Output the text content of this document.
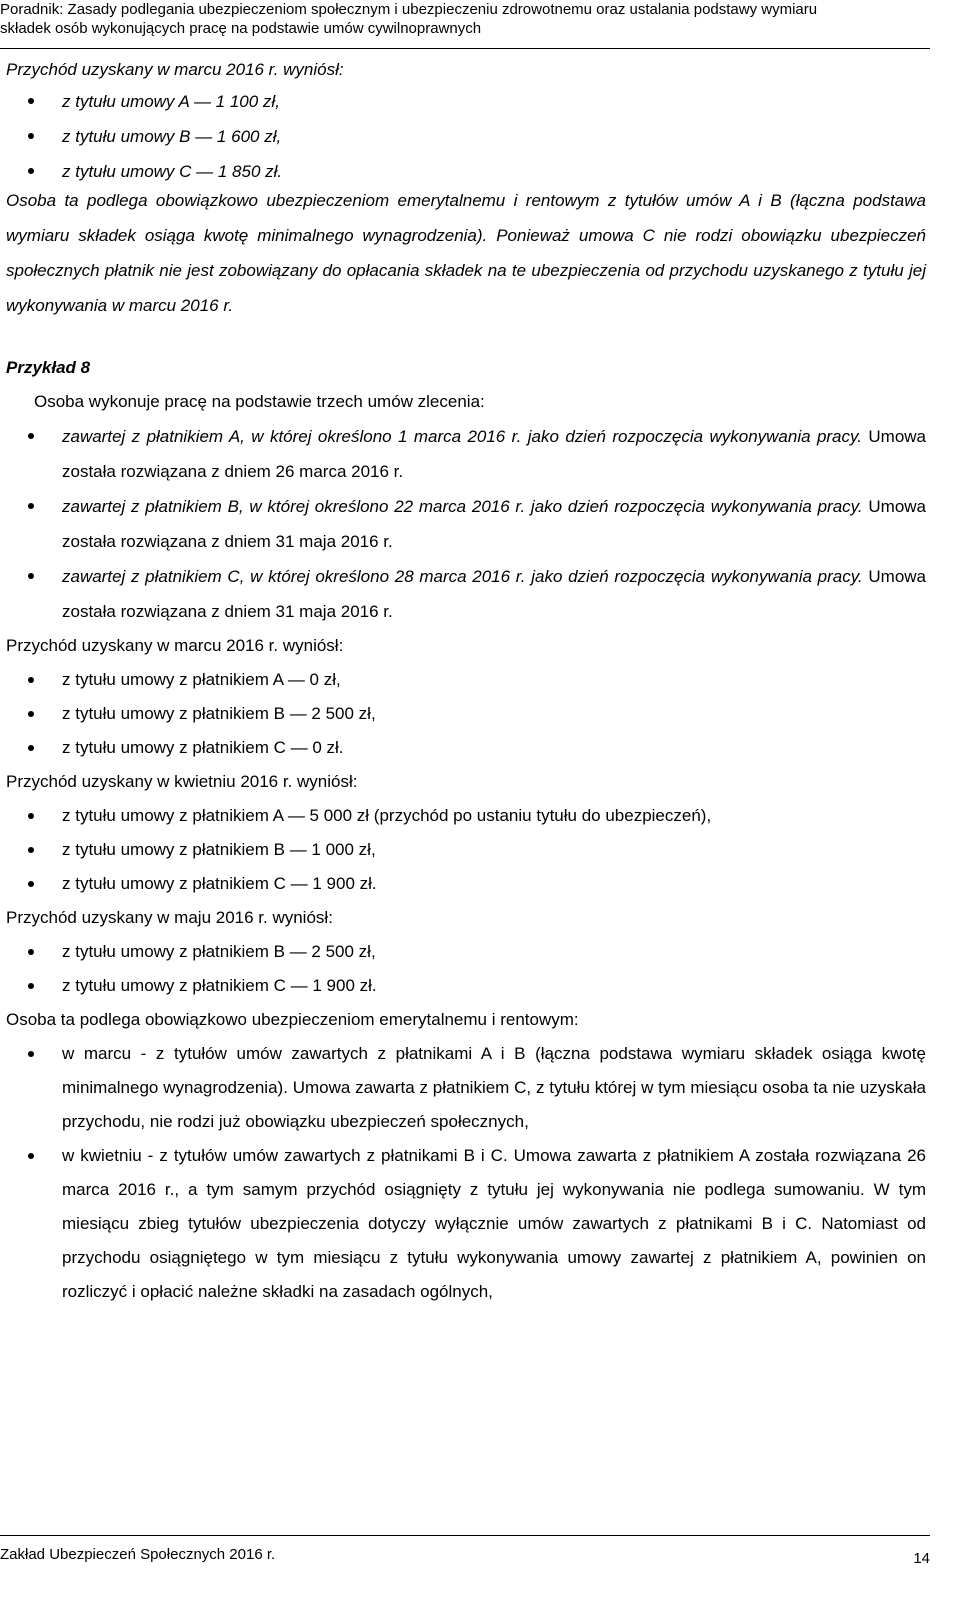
Poradnik: Zasady podlegania ubezpieczeniom społecznym i ubezpieczeniu zdrowotnemu oraz ustalania podstawy wymiaru
składek osób wykonujących pracę na podstawie umów cywilnoprawnych

Przychód uzyskany w marcu 2016 r. wyniósł:

z tytułu umowy A — 1 100 zł,
z tytułu umowy B — 1 600 zł,
z tytułu umowy C — 1 850 zł.

Osoba ta podlega obowiązkowo ubezpieczeniom emerytalnemu i rentowym z tytułów umów A i B (łączna podstawa wymiaru składek osiąga kwotę minimalnego wynagrodzenia). Ponieważ umowa C nie rodzi obowiązku ubezpieczeń społecznych płatnik nie jest zobowiązany do opłacania składek na te ubezpieczenia od przychodu uzyskanego z tytułu jej wykonywania w marcu 2016 r.

Przykład 8

Osoba wykonuje pracę na podstawie trzech umów zlecenia:

zawartej z płatnikiem A, w której określono 1 marca 2016 r. jako dzień rozpoczęcia wykonywania pracy. Umowa została rozwiązana z dniem 26 marca 2016 r.
zawartej z płatnikiem B, w której określono 22 marca 2016 r. jako dzień rozpoczęcia wykonywania pracy. Umowa została rozwiązana z dniem 31 maja 2016 r.
zawartej z płatnikiem C, w której określono 28 marca 2016 r. jako dzień rozpoczęcia wykonywania pracy. Umowa została rozwiązana z dniem 31 maja 2016 r.

Przychód uzyskany w marcu 2016 r. wyniósł:

z tytułu umowy z płatnikiem A — 0 zł,
z tytułu umowy z płatnikiem B — 2 500 zł,
z tytułu umowy z płatnikiem C — 0 zł.

Przychód uzyskany w kwietniu 2016 r. wyniósł:

z tytułu umowy z płatnikiem A — 5 000 zł (przychód po ustaniu tytułu do ubezpieczeń),
z tytułu umowy z płatnikiem B — 1 000 zł,
z tytułu umowy z płatnikiem C — 1 900 zł.

Przychód uzyskany w maju 2016 r. wyniósł:

z tytułu umowy z płatnikiem B — 2 500 zł,
z tytułu umowy z płatnikiem C — 1 900 zł.

Osoba ta podlega obowiązkowo ubezpieczeniom emerytalnemu i rentowym:

w marcu - z tytułów umów zawartych z płatnikami A i B (łączna podstawa wymiaru składek osiąga kwotę minimalnego wynagrodzenia). Umowa zawarta z płatnikiem C, z tytułu której w tym miesiącu osoba ta nie uzyskała przychodu, nie rodzi już obowiązku ubezpieczeń społecznych,
w kwietniu - z tytułów umów zawartych z płatnikami B i C. Umowa zawarta z płatnikiem A została rozwiązana 26 marca 2016 r., a tym samym przychód osiągnięty z tytułu jej wykonywania nie podlega sumowaniu. W tym miesiącu zbieg tytułów ubezpieczenia dotyczy wyłącznie umów zawartych z płatnikami B i C. Natomiast od przychodu osiągniętego w tym miesiącu z tytułu wykonywania umowy zawartej z płatnikiem A, powinien on rozliczyć i opłacić należne składki na zasadach ogólnych,
Zakład Ubezpieczeń Społecznych 2016 r.	14
